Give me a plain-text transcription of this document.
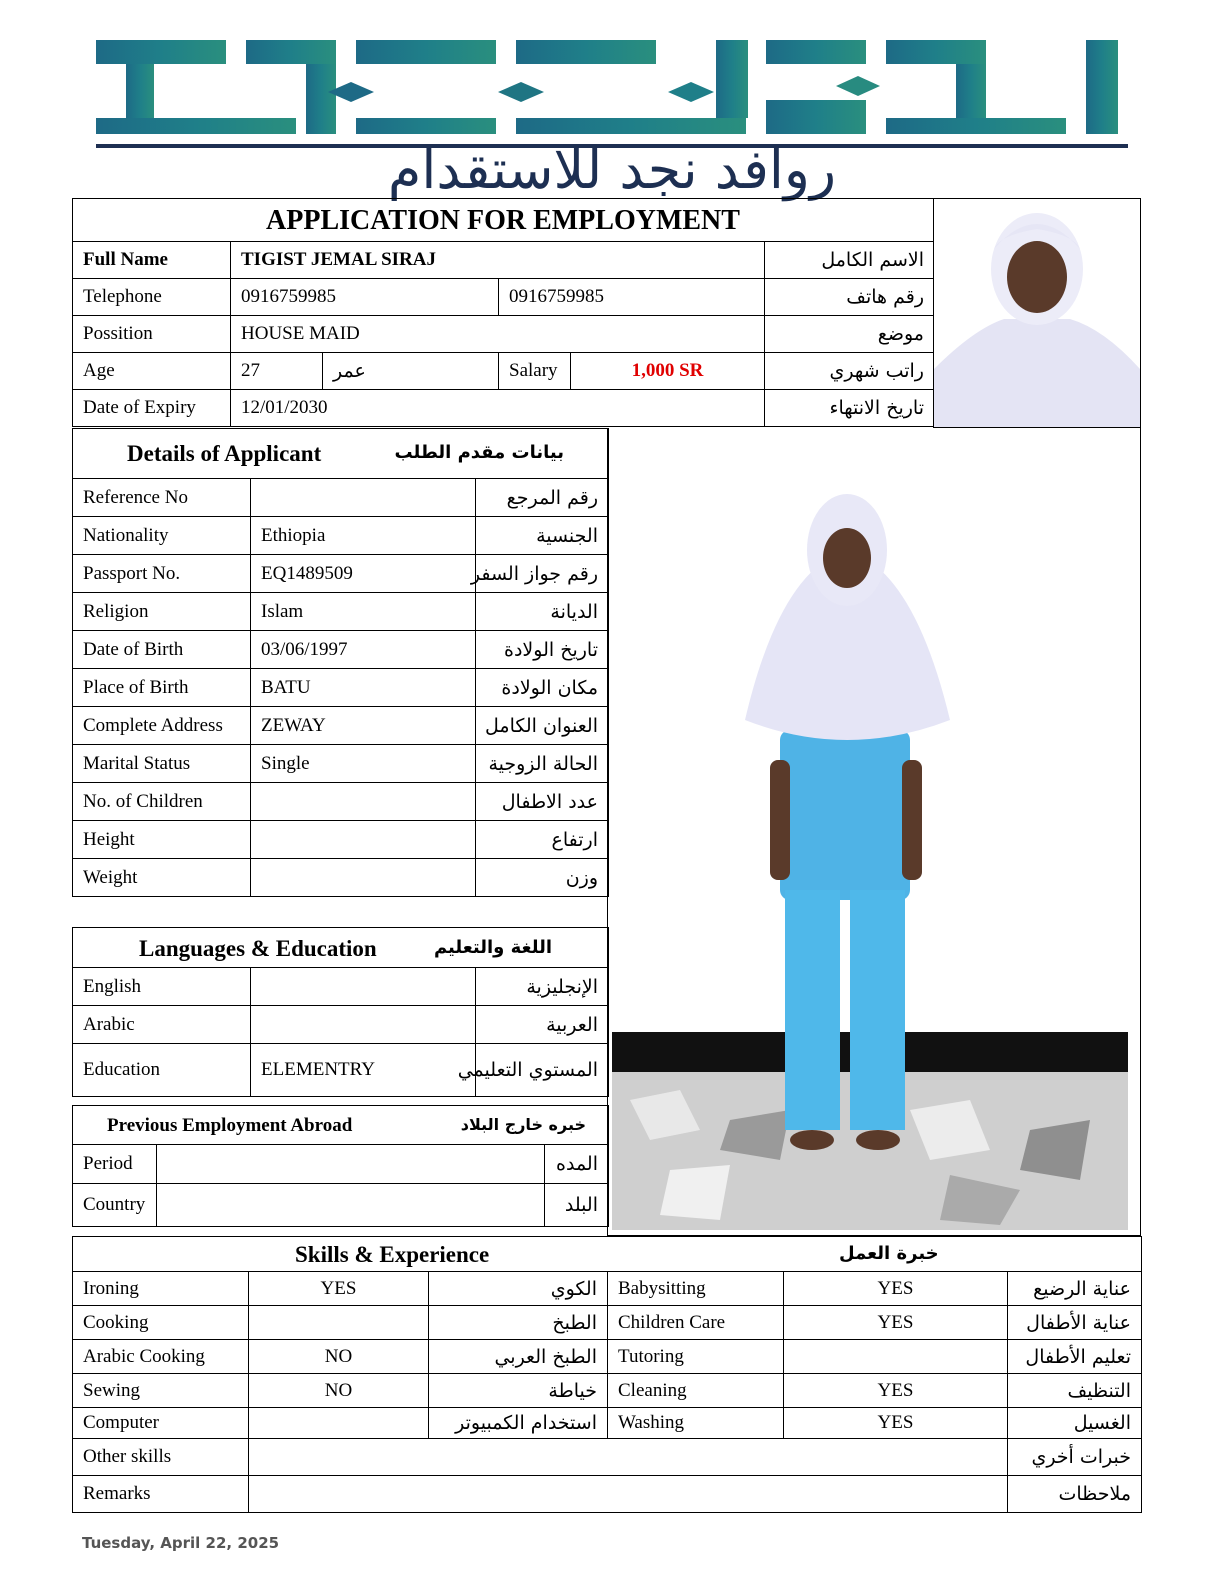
روافد نجد للاستقدام
APPLICATION FOR EMPLOYMENT
Full Name	TIGIST JEMAL SIRAJ				الاسم الكامل
Telephone	0916759985		0916759985		رقم هاتف
Possition	HOUSE MAID				موضع
Age	27	عمر	Salary	1,000 SR	راتب شهري
Date of Expiry	12/01/2030				تاريخ الانتهاء
Details of Applicant بيانات مقدم الطلب		

Reference No		رقم المرجع
Nationality	Ethiopia	الجنسية
Passport No.	EQ1489509	رقم جواز السفر
Religion	Islam	الديانة
Date of Birth	03/06/1997	تاريخ الولادة
Place of Birth	BATU	مكان الولادة
Complete Address	ZEWAY	العنوان الكامل
Marital Status	Single	الحالة الزوجية
No. of Children		عدد الاطفال
Height		ارتفاع
Weight		وزن
Languages & Education اللغة والتعليم		

English		الإنجليزية
Arabic		العربية
Education	ELEMENTRY	المستوي التعليمي
Previous Employment Abroad خبره خارج البلاد		

Period		المده
Country		البلد
Skills & Experience خبرة العمل					

Ironing	YES	الكوي	Babysitting	YES	عناية الرضيع
Cooking		الطبخ	Children Care	YES	عناية الأطفال
Arabic Cooking	NO	الطبخ العربي	Tutoring		تعليم الأطفال
Sewing	NO	خياطة	Cleaning	YES	التنظيف
Computer		استخدام الكمبيوتر	Washing	YES	الغسيل
Other skills					خبرات أخري
Remarks					ملاحظات
Tuesday, April 22, 2025
